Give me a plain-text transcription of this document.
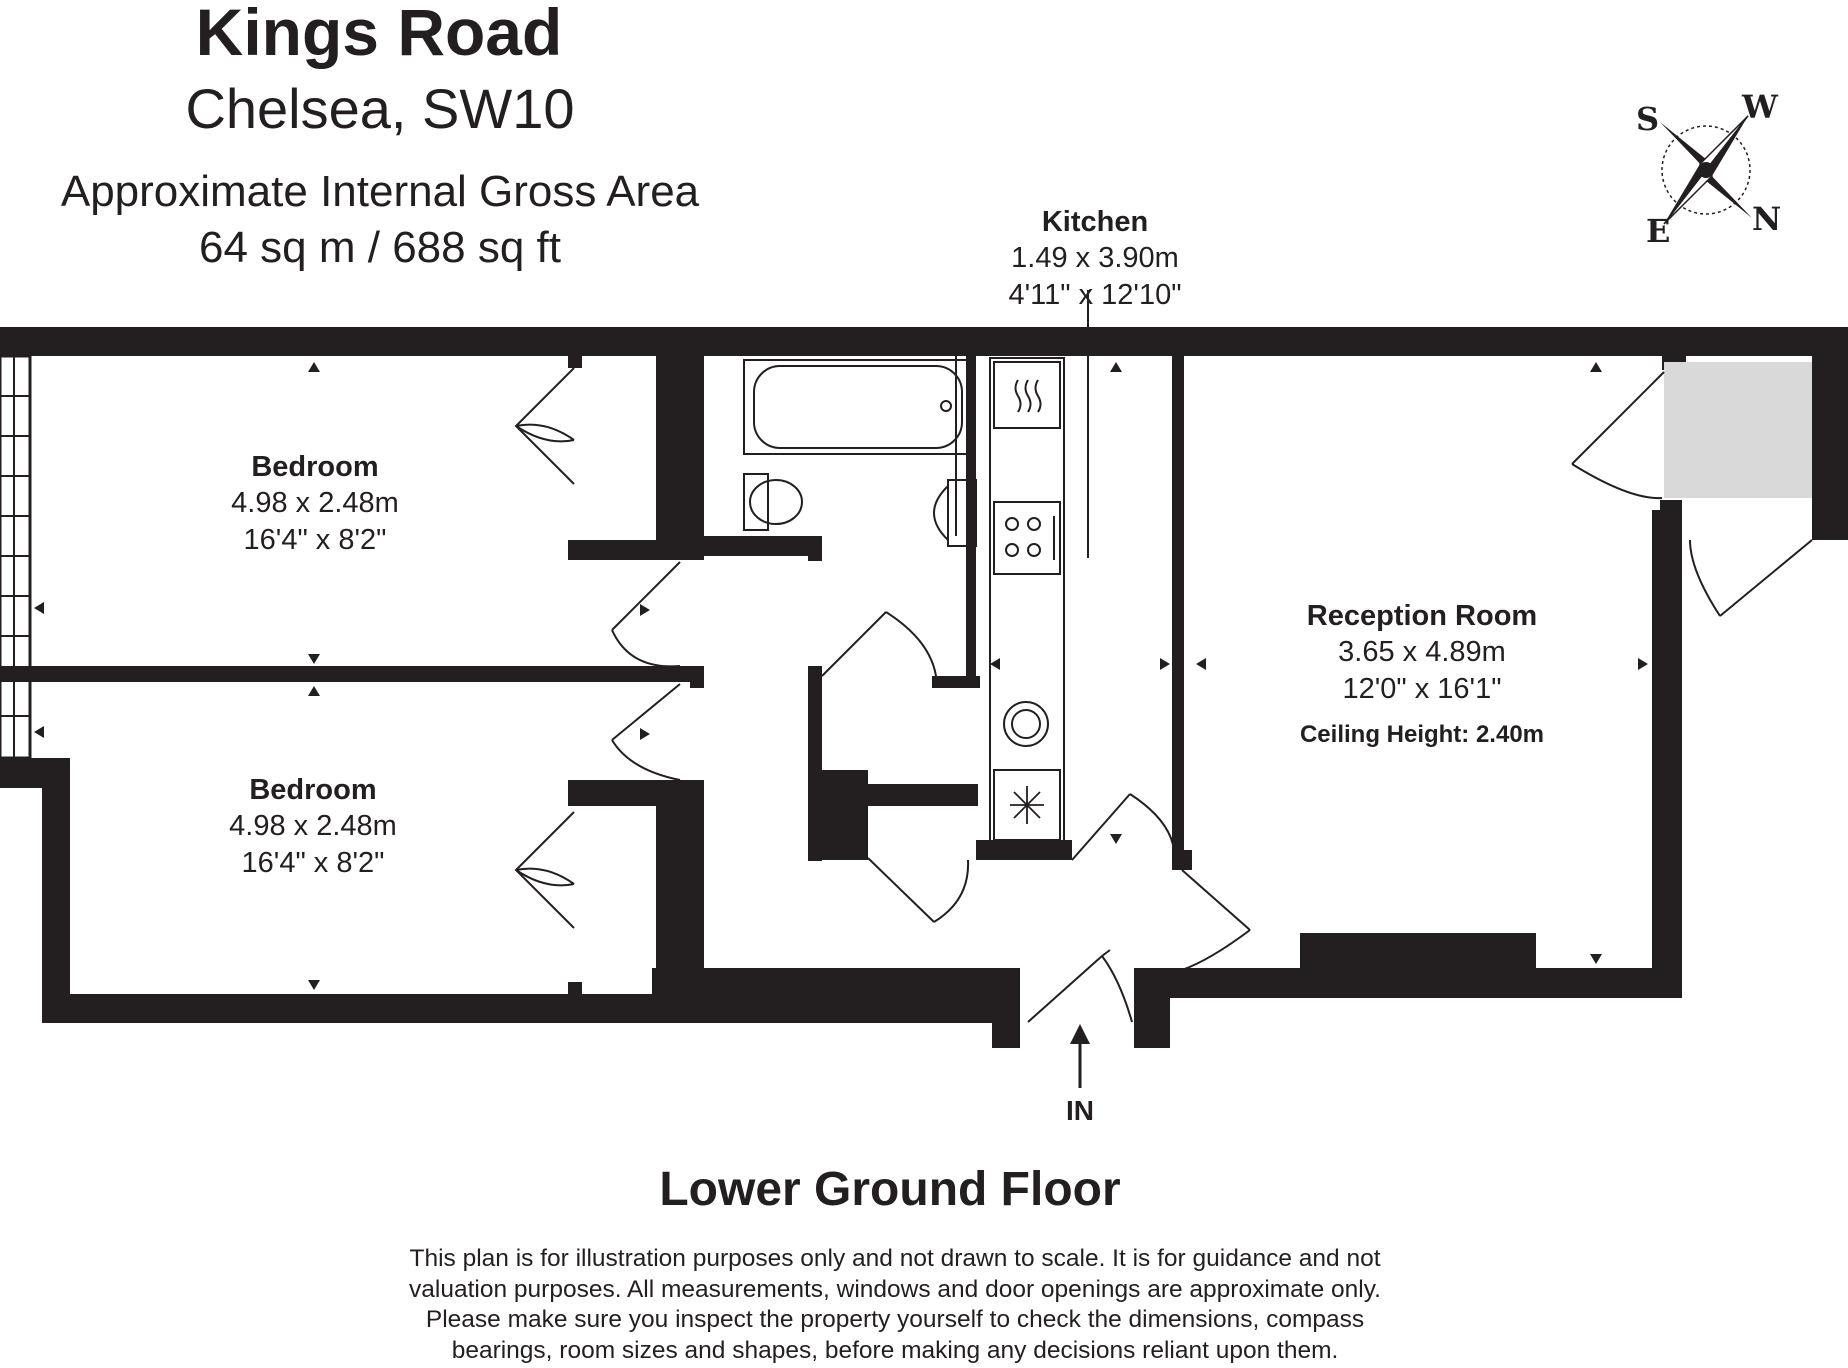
Kings Road
Chelsea, SW10
Approximate Internal Gross Area
64 sq m / 688 sq ft
S	W
E	N
Bedroom
4.98 x 2.48m
16'4" x 8'2"
Bedroom
4.98 x 2.48m
16'4" x 8'2"
Kitchen
1.49 x 3.90m
4'11" x 12'10"
Reception Room
3.65 x 4.89m
12'0" x 16'1"
Ceiling Height: 2.40m
IN
Lower Ground Floor
This plan is for illustration purposes only and not drawn to scale. It is for guidance and not
valuation purposes. All measurements, windows and door openings are approximate only.
Please make sure you inspect the property yourself to check the dimensions, compass
bearings, room sizes and shapes, before making any decisions reliant upon them.
